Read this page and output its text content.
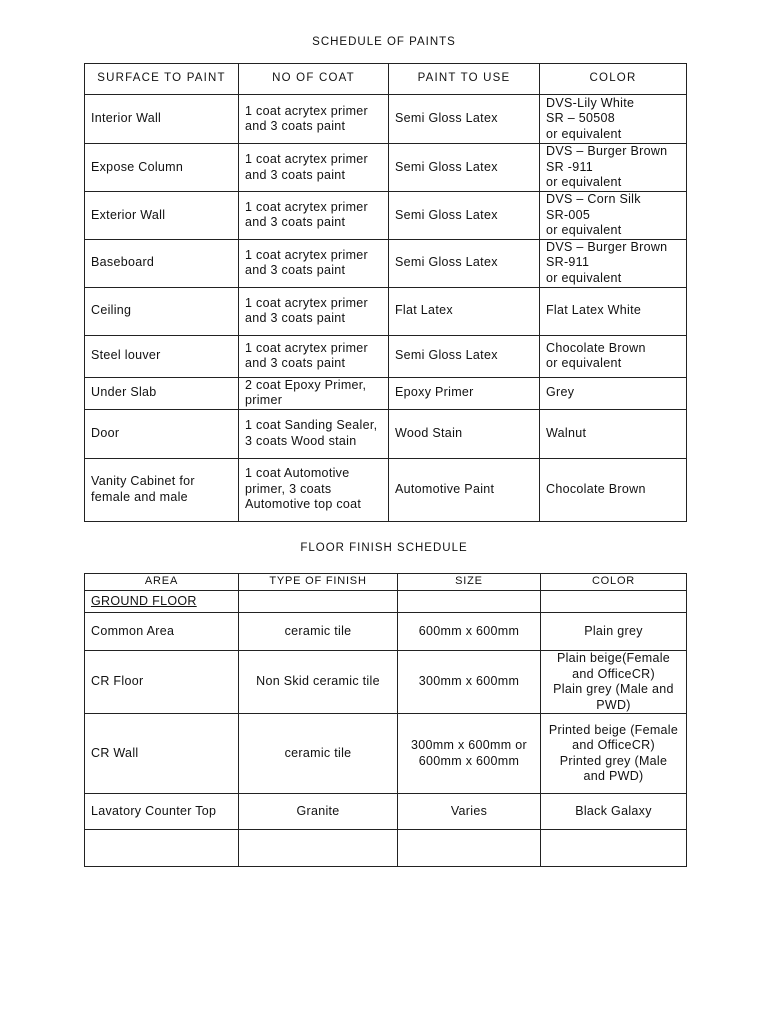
SCHEDULE OF PAINTS
SURFACE TO PAINT	NO OF COAT	PAINT TO USE	COLOR
Interior Wall	1 coat acrytex primer and 3 coats paint	Semi Gloss Latex	DVS-Lily White
SR – 50508
or equivalent
Expose Column	1 coat acrytex primer and 3 coats paint	Semi Gloss Latex	DVS – Burger Brown
SR -911
or equivalent
Exterior Wall	1 coat acrytex primer and 3 coats paint	Semi Gloss Latex	DVS – Corn Silk
SR-005
or equivalent
Baseboard	1 coat acrytex primer and 3 coats paint	Semi Gloss Latex	DVS – Burger Brown
SR-911
or equivalent
Ceiling	1 coat acrytex primer and 3 coats paint	Flat Latex	Flat Latex White
Steel louver	1 coat acrytex primer and 3 coats paint	Semi Gloss Latex	Chocolate Brown
or equivalent
Under Slab	2 coat Epoxy Primer, primer	Epoxy Primer	Grey
Door	1 coat Sanding Sealer, 3 coats Wood stain	Wood Stain	Walnut
Vanity Cabinet for female and male	1 coat Automotive primer, 3 coats Automotive top coat	Automotive Paint	Chocolate Brown
FLOOR FINISH SCHEDULE
AREA	TYPE OF FINISH	SIZE	COLOR
GROUND FLOOR			
Common Area	ceramic tile	600mm x 600mm	Plain grey
CR Floor	Non Skid ceramic tile	300mm x 600mm	Plain beige(Female and OfficeCR)
Plain grey (Male and PWD)
CR Wall	ceramic tile	300mm x 600mm or 600mm x 600mm	Printed beige (Female and OfficeCR)
Printed grey (Male and PWD)
Lavatory Counter Top	Granite	Varies	Black Galaxy
